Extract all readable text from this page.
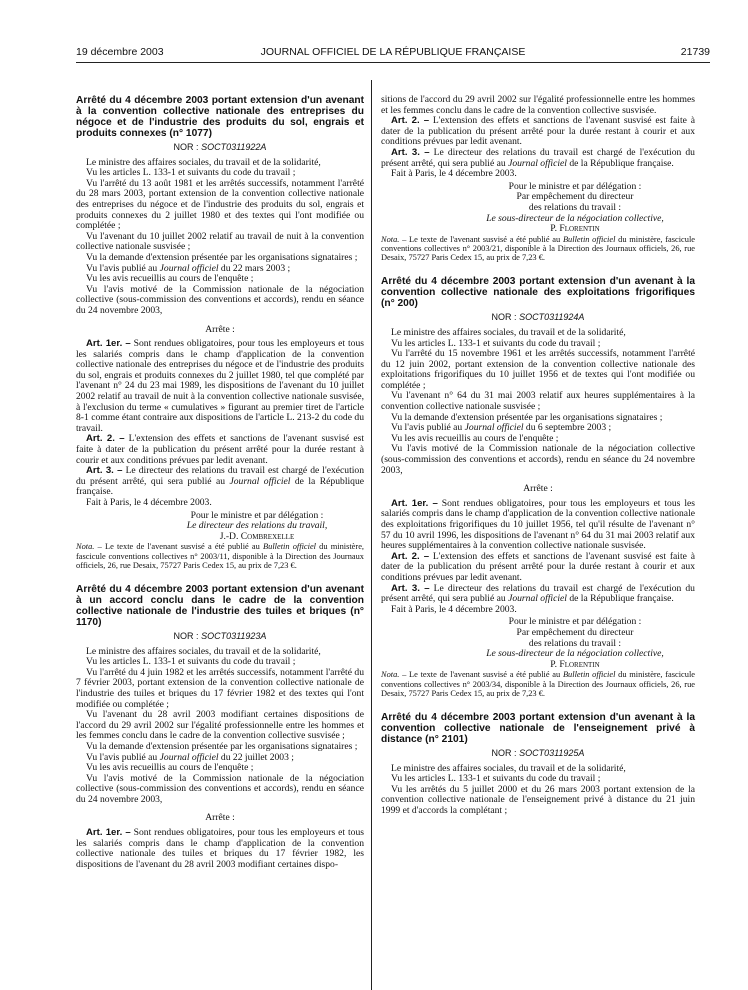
19 décembre 2003	JOURNAL OFFICIEL DE LA RÉPUBLIQUE FRANÇAISE	21739

Arrêté du 4 décembre 2003 portant extension d'un avenant à la convention collective nationale des entreprises du négoce et de l'industrie des produits du sol, engrais et produits connexes (n° 1077)

NOR : SOCT0311922A

Le ministre des affaires sociales, du travail et de la solidarité,

Vu les articles L. 133-1 et suivants du code du travail ;

Vu l'arrêté du 13 août 1981 et les arrêtés successifs, notamment l'arrêté du 28 mars 2003, portant extension de la convention collective nationale des entreprises du négoce et de l'industrie des produits du sol, engrais et produits connexes du 2 juillet 1980 et des textes qui l'ont modifiée ou complétée ;

Vu l'avenant du 10 juillet 2002 relatif au travail de nuit à la convention collective nationale susvisée ;

Vu la demande d'extension présentée par les organisations signataires ;

Vu l'avis publié au Journal officiel du 22 mars 2003 ;

Vu les avis recueillis au cours de l'enquête ;

Vu l'avis motivé de la Commission nationale de la négociation collective (sous-commission des conventions et accords), rendu en séance du 24 novembre 2003,

Arrête :

Art. 1er. – Sont rendues obligatoires, pour tous les employeurs et tous les salariés compris dans le champ d'application de la convention collective nationale des entreprises du négoce et de l'industrie des produits du sol, engrais et produits connexes du 2 juillet 1980, tel que complété par l'avenant n° 24 du 23 mai 1989, les dispositions de l'avenant du 10 juillet 2002 relatif au travail de nuit à la convention collective nationale susvisée, à l'exclusion du terme « cumulatives » figurant au premier tiret de l'article 8-1 comme étant contraire aux dispositions de l'article L. 213-2 du code du travail.

Art. 2. – L'extension des effets et sanctions de l'avenant susvisé est faite à dater de la publication du présent arrêté pour la durée restant à courir et aux conditions prévues par ledit avenant.

Art. 3. – Le directeur des relations du travail est chargé de l'exécution du présent arrêté, qui sera publié au Journal officiel de la République française.

Fait à Paris, le 4 décembre 2003.

Pour le ministre et par délégation :
Le directeur des relations du travail,
J.-D. Combrexelle

Nota. – Le texte de l'avenant susvisé a été publié au Bulletin officiel du ministère, fascicule conventions collectives n° 2003/11, disponible à la Direction des Journaux officiels, 26, rue Desaix, 75727 Paris Cedex 15, au prix de 7,23 €.

Arrêté du 4 décembre 2003 portant extension d'un avenant à un accord conclu dans le cadre de la convention collective nationale de l'industrie des tuiles et briques (n° 1170)

NOR : SOCT0311923A

Le ministre des affaires sociales, du travail et de la solidarité,

Vu les articles L. 133-1 et suivants du code du travail ;

Vu l'arrêté du 4 juin 1982 et les arrêtés successifs, notamment l'arrêté du 7 février 2003, portant extension de la convention collective nationale de l'industrie des tuiles et briques du 17 février 1982 et des textes qui l'ont modifiée ou complétée ;

Vu l'avenant du 28 avril 2003 modifiant certaines dispositions de l'accord du 29 avril 2002 sur l'égalité professionnelle entre les hommes et les femmes conclu dans le cadre de la convention collective susvisée ;

Vu la demande d'extension présentée par les organisations signataires ;

Vu l'avis publié au Journal officiel du 22 juillet 2003 ;

Vu les avis recueillis au cours de l'enquête ;

Vu l'avis motivé de la Commission nationale de la négociation collective (sous-commission des conventions et accords), rendu en séance du 24 novembre 2003,

Arrête :

Art. 1er. – Sont rendues obligatoires, pour tous les employeurs et tous les salariés compris dans le champ d'application de la convention collective nationale des tuiles et briques du 17 février 1982, les dispositions de l'avenant du 28 avril 2003 modifiant certaines dispo-

sitions de l'accord du 29 avril 2002 sur l'égalité professionnelle entre les hommes et les femmes conclu dans le cadre de la convention collective susvisée.

Art. 2. – L'extension des effets et sanctions de l'avenant susvisé est faite à dater de la publication du présent arrêté pour la durée restant à courir et aux conditions prévues par ledit avenant.

Art. 3. – Le directeur des relations du travail est chargé de l'exécution du présent arrêté, qui sera publié au Journal officiel de la République française.

Fait à Paris, le 4 décembre 2003.

Pour le ministre et par délégation :
Par empêchement du directeur
des relations du travail :
Le sous-directeur de la négociation collective,
P. Florentin

Nota. – Le texte de l'avenant susvisé a été publié au Bulletin officiel du ministère, fascicule conventions collectives n° 2003/21, disponible à la Direction des Journaux officiels, 26, rue Desaix, 75727 Paris Cedex 15, au prix de 7,23 €.

Arrêté du 4 décembre 2003 portant extension d'un avenant à la convention collective nationale des exploitations frigorifiques (n° 200)

NOR : SOCT0311924A

Le ministre des affaires sociales, du travail et de la solidarité,

Vu les articles L. 133-1 et suivants du code du travail ;

Vu l'arrêté du 15 novembre 1961 et les arrêtés successifs, notamment l'arrêté du 12 juin 2002, portant extension de la convention collective nationale des exploitations frigorifiques du 10 juillet 1956 et de textes qui l'ont modifiée ou complétée ;

Vu l'avenant n° 64 du 31 mai 2003 relatif aux heures supplémentaires à la convention collective nationale susvisée ;

Vu la demande d'extension présentée par les organisations signataires ;

Vu l'avis publié au Journal officiel du 6 septembre 2003 ;

Vu les avis recueillis au cours de l'enquête ;

Vu l'avis motivé de la Commission nationale de la négociation collective (sous-commission des conventions et accords), rendu en séance du 24 novembre 2003,

Arrête :

Art. 1er. – Sont rendues obligatoires, pour tous les employeurs et tous les salariés compris dans le champ d'application de la convention collective nationale des exploitations frigorifiques du 10 juillet 1956, tel qu'il résulte de l'avenant n° 57 du 10 avril 1996, les dispositions de l'avenant n° 64 du 31 mai 2003 relatif aux heures supplémentaires à la convention collective nationale susvisée.

Art. 2. – L'extension des effets et sanctions de l'avenant susvisé est faite à dater de la publication du présent arrêté pour la durée restant à courir et aux conditions prévues par ledit avenant.

Art. 3. – Le directeur des relations du travail est chargé de l'exécution du présent arrêté, qui sera publié au Journal officiel de la République française.

Fait à Paris, le 4 décembre 2003.

Pour le ministre et par délégation :
Par empêchement du directeur
des relations du travail :
Le sous-directeur de la négociation collective,
P. Florentin

Nota. – Le texte de l'avenant susvisé a été publié au Bulletin officiel du ministère, fascicule conventions collectives n° 2003/34, disponible à la Direction des Journaux officiels, 26, rue Desaix, 75727 Paris Cedex 15, au prix de 7,23 €.

Arrêté du 4 décembre 2003 portant extension d'un avenant à la convention collective nationale de l'enseignement privé à distance (n° 2101)

NOR : SOCT0311925A

Le ministre des affaires sociales, du travail et de la solidarité,

Vu les articles L. 133-1 et suivants du code du travail ;

Vu les arrêtés du 5 juillet 2000 et du 26 mars 2003 portant extension de la convention collective nationale de l'enseignement privé à distance du 21 juin 1999 et d'accords la complétant ;
